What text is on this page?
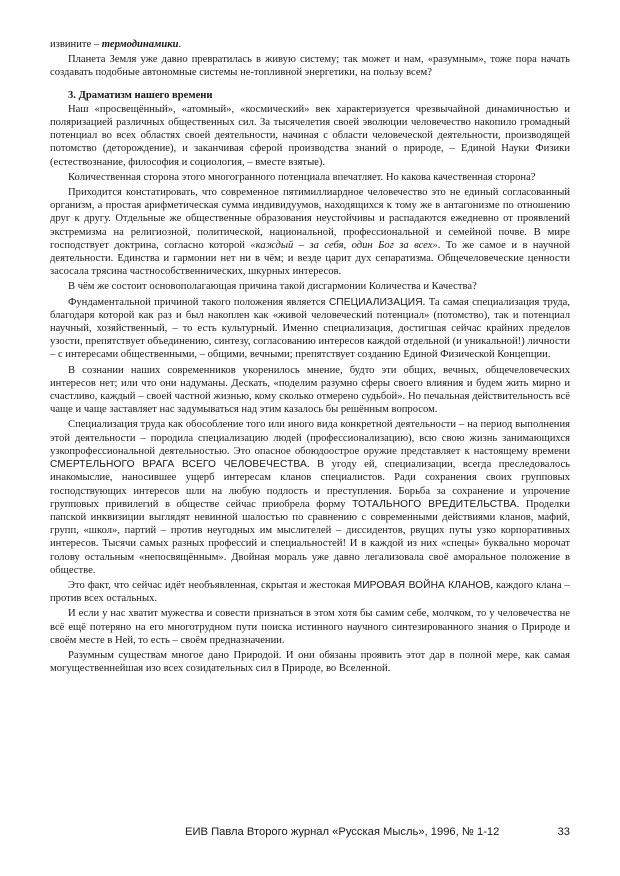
извините – термодинамики.

Планета Земля уже давно превратилась в живую систему; так может и нам, «разумным», тоже пора начать создавать подобные автономные системы не-топливной энергетики, на пользу всем?

3. Драматизм нашего времени

Наш «просвещённый», «атомный», «космический» век характеризуется чрезвычайной динамичностью и поляризацией различных общественных сил. За тысячелетия своей эволюции человечество накопило громадный потенциал во всех областях своей деятельности, начиная с области человеческой деятельности, производящей потомство (деторождение), и заканчивая сферой производства знаний о природе, – Единой Науки Физики (естествознание, философия и социология, – вместе взятые).

Количественная сторона этого многогранного потенциала впечатляет. Но какова качественная сторона?

Приходится констатировать, что современное пятимиллиардное человечество это не единый согласованный организм, а простая арифметическая сумма индивидуумов, находящихся к тому же в антагонизме по отношению друг к другу. Отдельные же общественные образования неустойчивы и распадаются ежедневно от проявлений экстремизма на религиозной, политической, национальной, профессиональной и семейной почве. В мире господствует доктрина, согласно которой «каждый – за себя, один Бог за всех». То же самое и в научной деятельности. Единства и гармонии нет ни в чём; и везде царит дух сепаратизма. Общечеловеческие ценности засосала трясина частнособственнических, шкурных интересов.

В чём же состоит основополагающая причина такой дисгармонии Количества и Качества?

Фундаментальной причиной такого положения является СПЕЦИАЛИЗАЦИЯ. Та самая специализация труда, благодаря которой как раз и был накоплен как «живой человеческий потенциал» (потомство), так и потенциал научный, хозяйственный, – то есть культурный. Именно специализация, достигшая сейчас крайних пределов узости, препятствует объединению, синтезу, согласованию интересов каждой отдельной (и уникальной!) личности – с интересами общественными, – общими, вечными; препятствует созданию Единой Физической Концепции.

В сознании наших современников укоренилось мнение, будто эти общих, вечных, общечеловеческих интересов нет; или что они надуманы. Дескать, «поделим разумно сферы своего влияния и будем жить мирно и счастливо, каждый – своей частной жизнью, кому сколько отмерено судьбой». Но печальная действительность всё чаще и чаще заставляет нас задумываться над этим казалось бы решённым вопросом.

Специализация труда как обособление того или иного вида конкретной деятельности – на период выполнения этой деятельности – породила специализацию людей (профессионализацию), всю свою жизнь занимающихся узкопрофессиональной деятельностью. Это опасное обоюдоострое оружие представляет к настоящему времени СМЕРТЕЛЬНОГО ВРАГА ВСЕГО ЧЕЛОВЕЧЕСТВА. В угоду ей, специализации, всегда преследовалось инакомыслие, наносившее ущерб интересам кланов специалистов. Ради сохранения своих групповых господствующих интересов шли на любую подлость и преступления. Борьба за сохранение и упрочение групповых привилегий в обществе сейчас приобрела форму ТОТАЛЬНОГО ВРЕДИТЕЛЬСТВА. Проделки папской инквизиции выглядят невинной шалостью по сравнению с современными действиями кланов, мафий, групп, «школ», партий – против неугодных им мыслителей – диссидентов, рвущих путы узко корпоративных интересов. Тысячи самых разных профессий и специальностей! И в каждой из них «спецы» буквально морочат голову остальным «непосвящённым». Двойная мораль уже давно легализовала своё аморальное положение в обществе.

Это факт, что сейчас идёт необъявленная, скрытая и жестокая МИРОВАЯ ВОЙНА КЛАНОВ, каждого клана – против всех остальных.

И если у нас хватит мужества и совести признаться в этом хотя бы самим себе, молчком, то у человечества не всё ещё потеряно на его многотрудном пути поиска истинного научного синтезированного знания о Природе и своём месте в Ней, то есть – своём предназначении.

Разумным существам многое дано Природой. И они обязаны проявить этот дар в полной мере, как самая могущественнейшая изо всех созидательных сил в Природе, во Вселенной.

ЕИВ Павла Второго журнал «Русская Мысль», 1996, № 1-12	33
